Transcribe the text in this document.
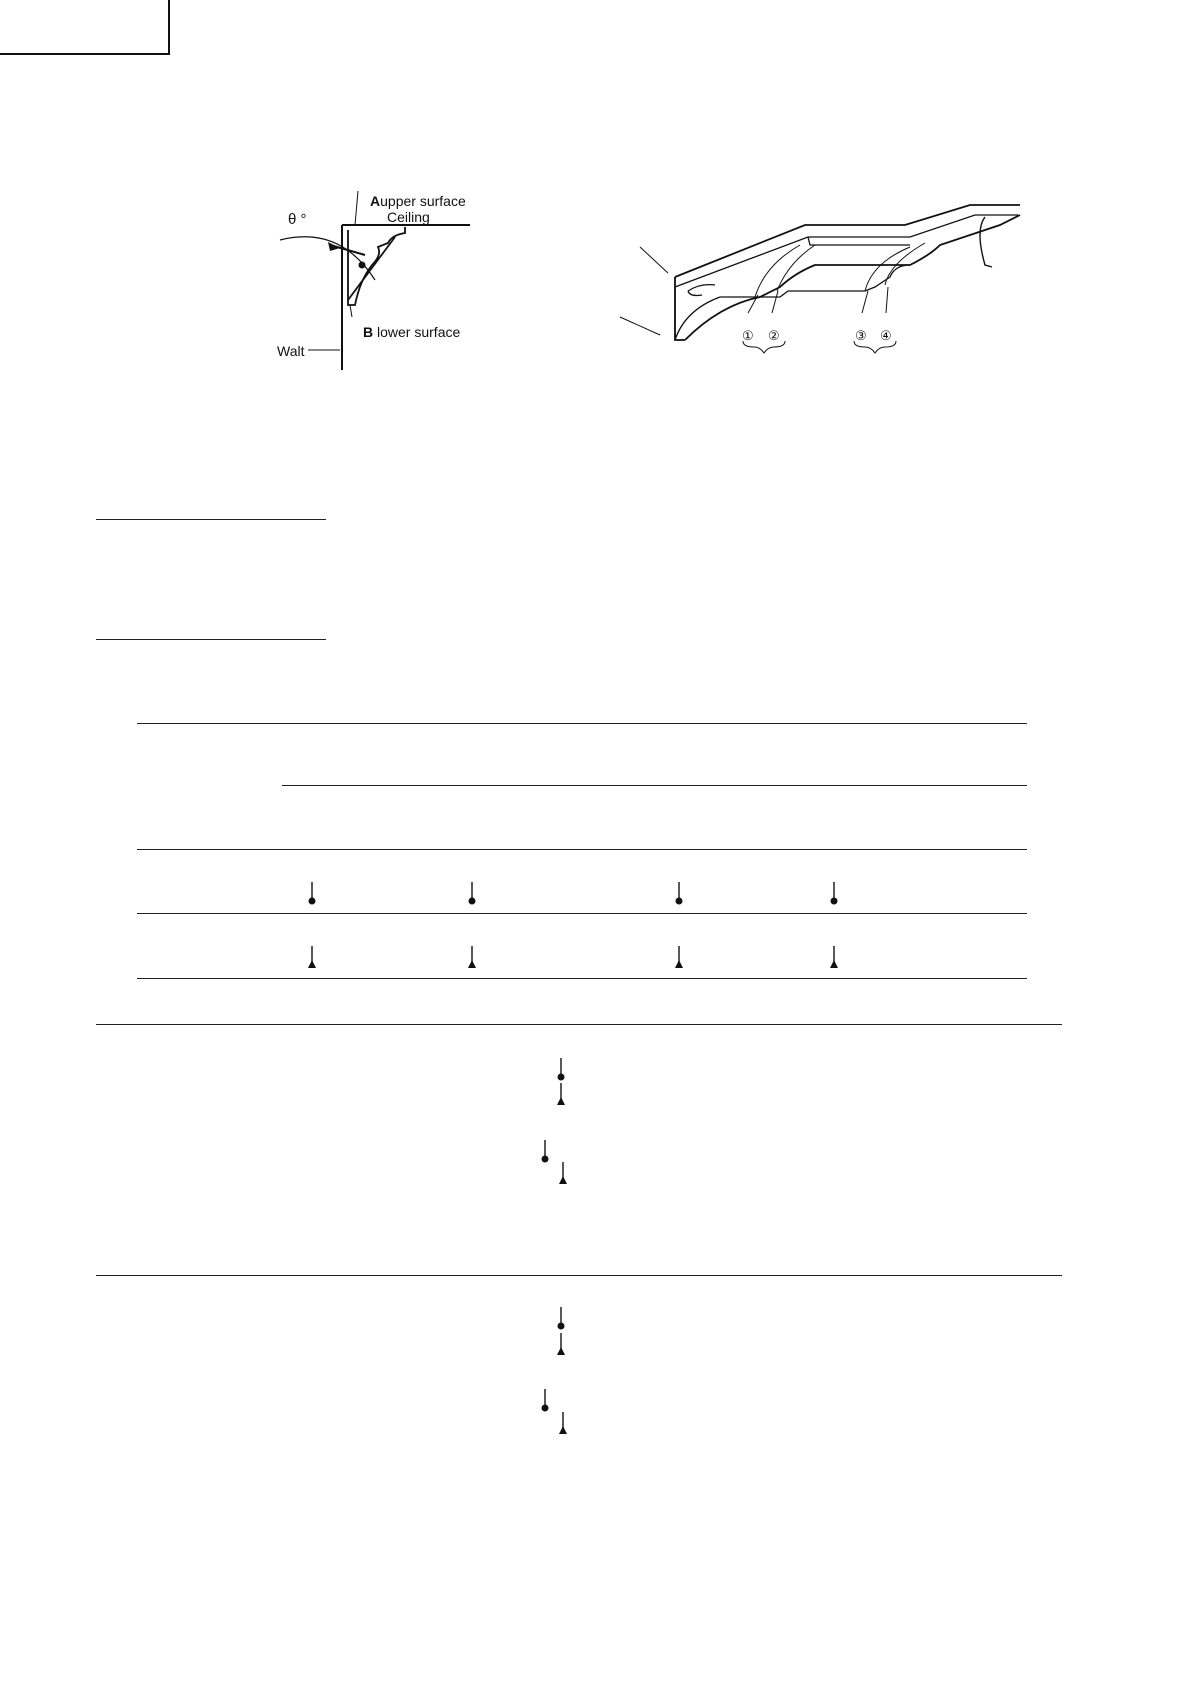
θ °
Aupper surface
Ceiling
B lower surface
Walt
① ②	③ ④
